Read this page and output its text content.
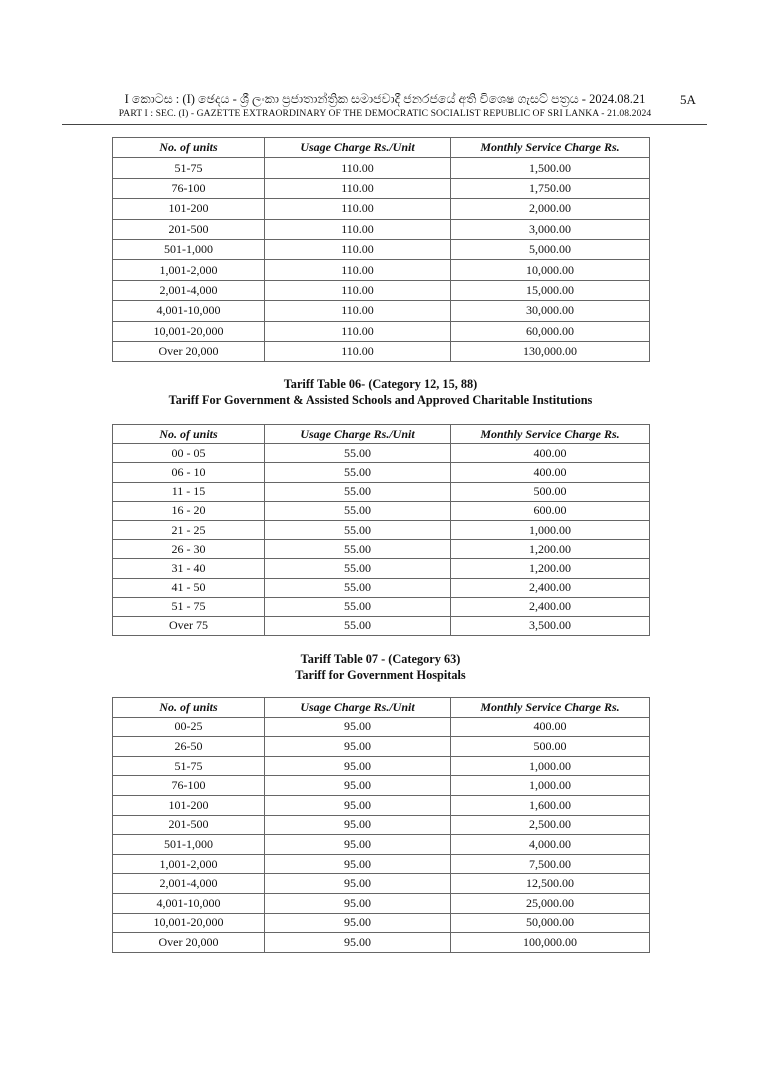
I කොටස : (I) ඡෙදය - ශ්‍රී ලංකා ප්‍රජාතාන්ත්‍රික සමාජවාදී ජනරජයේ අති විශෙෂ ගැසට් පත්‍රය - 2024.08.21
PART I : SEC. (I) - GAZETTE EXTRAORDINARY OF THE DEMOCRATIC SOCIALIST REPUBLIC OF SRI LANKA - 21.08.2024
5A
No. of units	Usage Charge Rs./Unit	Monthly Service Charge Rs.
51-75	110.00	1,500.00
76-100	110.00	1,750.00
101-200	110.00	2,000.00
201-500	110.00	3,000.00
501-1,000	110.00	5,000.00
1,001-2,000	110.00	10,000.00
2,001-4,000	110.00	15,000.00
4,001-10,000	110.00	30,000.00
10,001-20,000	110.00	60,000.00
Over 20,000	110.00	130,000.00
Tariff Table 06- (Category 12, 15, 88)
Tariff For Government & Assisted Schools and Approved Charitable Institutions
No. of units	Usage Charge Rs./Unit	Monthly Service Charge Rs.
00 - 05	55.00	400.00
06 - 10	55.00	400.00
11 - 15	55.00	500.00
16 - 20	55.00	600.00
21 - 25	55.00	1,000.00
26 - 30	55.00	1,200.00
31 - 40	55.00	1,200.00
41 - 50	55.00	2,400.00
51 - 75	55.00	2,400.00
Over 75	55.00	3,500.00
Tariff Table 07 - (Category 63)
Tariff for Government Hospitals
No. of units	Usage Charge Rs./Unit	Monthly Service Charge Rs.
00-25	95.00	400.00
26-50	95.00	500.00
51-75	95.00	1,000.00
76-100	95.00	1,000.00
101-200	95.00	1,600.00
201-500	95.00	2,500.00
501-1,000	95.00	4,000.00
1,001-2,000	95.00	7,500.00
2,001-4,000	95.00	12,500.00
4,001-10,000	95.00	25,000.00
10,001-20,000	95.00	50,000.00
Over 20,000	95.00	100,000.00
